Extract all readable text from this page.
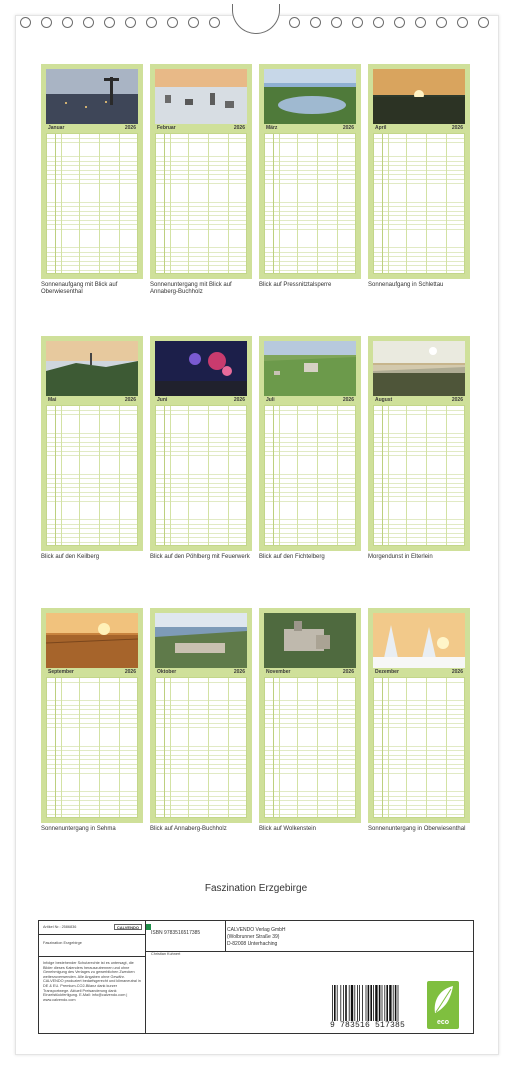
Januar	2026
Sonnenaufgang mit Blick auf Oberwiesenthal
Februar	2026
Sonnenuntergang mit Blick auf Annaberg-Buchholz
März	2026
Blick auf Pressnitztalsperre
April	2026
Sonnenaufgang in Schlettau
Mai	2026
Blick auf den Keilberg
Juni	2026
Blick auf den Pöhlberg mit Feuerwerk
Juli	2026
Blick auf den Fichtelberg
August	2026
Morgendunst in Elterlein
September	2026
Sonnenuntergang in Sehma
Oktober	2026
Blick auf Annaberg-Buchholz
November	2026
Blick auf Wolkenstein
Dezember	2026
Sonnenuntergang in Oberwiesenthal
Faszination Erzgebirge
Artikel Nr.: 2586836	CALVENDO
Faszination Erzgebirge
Infolge bestehender Schutzrechte ist es untersagt, die Bilder dieses Kalenders herauszutrennen und ohne Genehmigung des Verlages zu gewerblichen Zwecken weiterzuverwenden. Alle Angaben ohne Gewähr. CALVENDO produziert bedarfsgerecht und klimaneutral in DE & EU. Premium-CO2-Bilanz dank kurzer Transportwege. Aktuell Preisanderung dank Einzelstückfertigung. E-Mail: info@calvendo.com | www.calvendo.com
ISBN 9783516517385
Christian Kuhnert
CALVENDO Verlag GmbH
(Wolbrunner Straße 39)
D-82008 Unterhaching
9 783516 517385	eco
